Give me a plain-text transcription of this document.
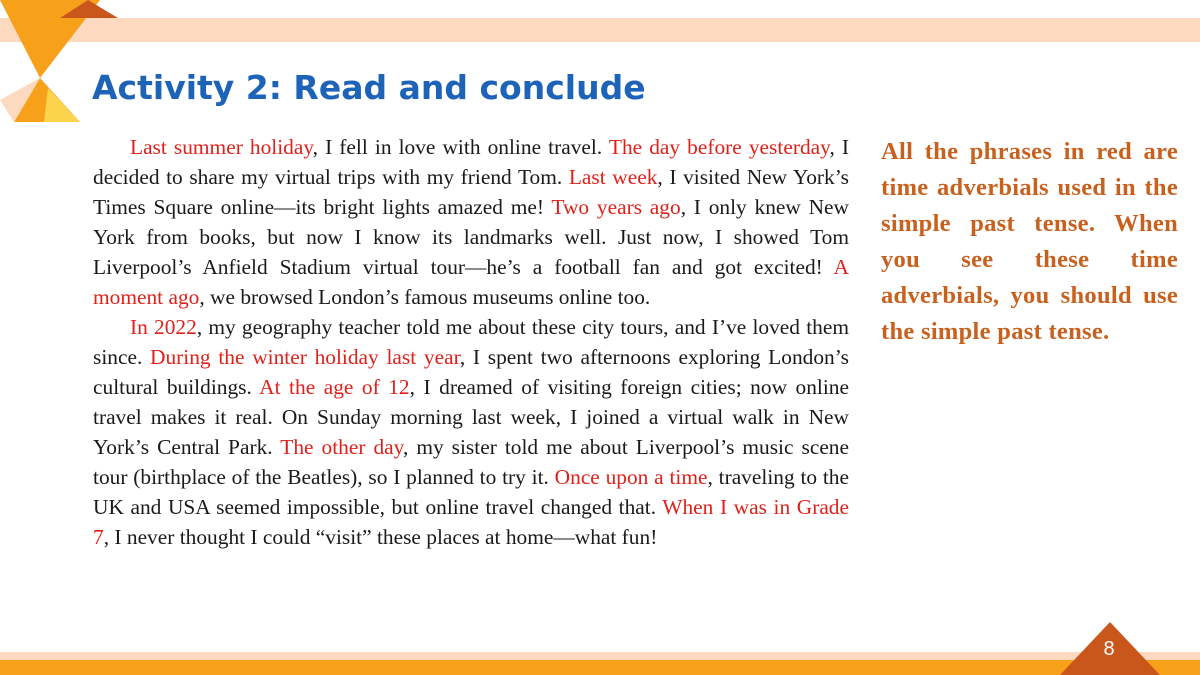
Activity 2: Read and conclude

Last summer holiday, I fell in love with online travel. The day before yesterday, I decided to share my virtual trips with my friend Tom. Last week, I visited New York’s Times Square online—its bright lights amazed me! Two years ago, I only knew New York from books, but now I know its landmarks well. Just now, I showed Tom Liverpool’s Anfield Stadium virtual tour—he’s a football fan and got excited! A moment ago, we browsed London’s famous museums online too.

In 2022, my geography teacher told me about these city tours, and I’ve loved them since. During the winter holiday last year, I spent two afternoons exploring London’s cultural buildings. At the age of 12, I dreamed of visiting foreign cities; now online travel makes it real. On Sunday morning last week, I joined a virtual walk in New York’s Central Park. The other day, my sister told me about Liverpool’s music scene tour (birthplace of the Beatles), so I planned to try it. Once upon a time, traveling to the UK and USA seemed impossible, but online travel changed that. When I was in Grade 7, I never thought I could “visit” these places at home—what fun!

All the phrases in red are time adverbials used in the simple past tense. When you see these time adverbials, you should use the simple past tense.
8
